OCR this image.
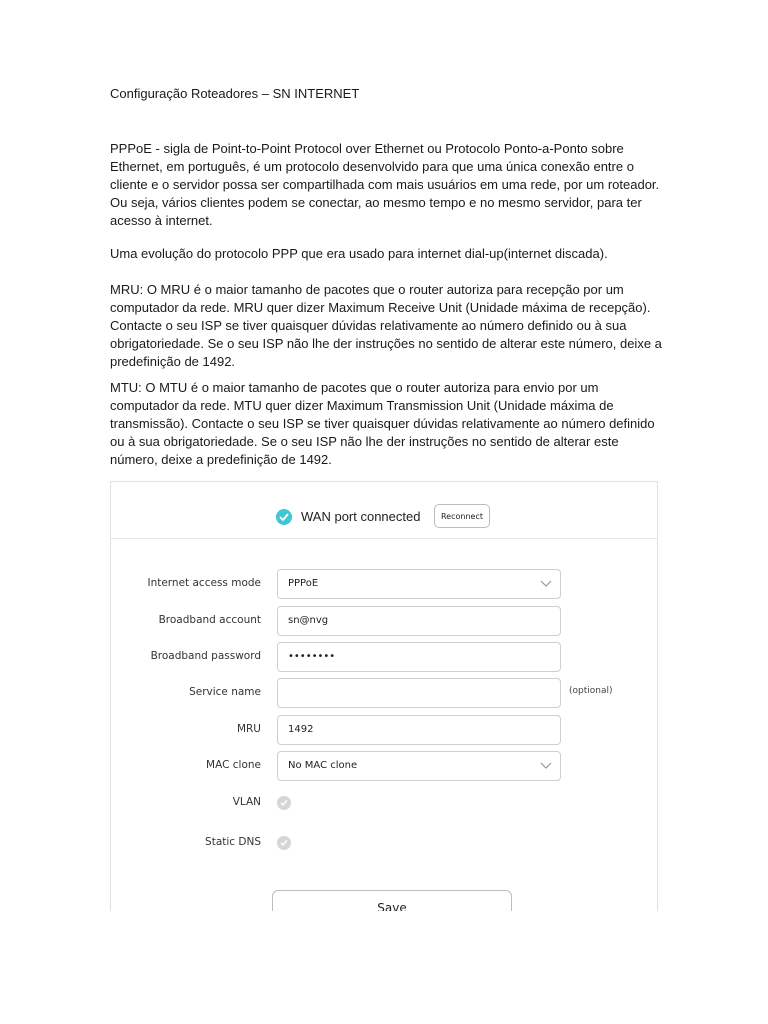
Configuração Roteadores – SN INTERNET

PPPoE - sigla de Point-to-Point Protocol over Ethernet ou Protocolo Ponto-a-Ponto sobre Ethernet, em português, é um protocolo desenvolvido para que uma única conexão entre o cliente e o servidor possa ser compartilhada com mais usuários em uma rede, por um roteador. Ou seja, vários clientes podem se conectar, ao mesmo tempo e no mesmo servidor, para ter acesso à internet.

Uma evolução do protocolo PPP que era usado para internet dial-up(internet discada).

MRU: O MRU é o maior tamanho de pacotes que o router autoriza para recepção por um computador da rede. MRU quer dizer Maximum Receive Unit (Unidade máxima de recepção). Contacte o seu ISP se tiver quaisquer dúvidas relativamente ao número definido ou à sua obrigatoriedade. Se o seu ISP não lhe der instruções no sentido de alterar este número, deixe a predefinição de 1492.

MTU: O MTU é o maior tamanho de pacotes que o router autoriza para envio por um computador da rede. MTU quer dizer Maximum Transmission Unit (Unidade máxima de transmissão). Contacte o seu ISP se tiver quaisquer dúvidas relativamente ao número definido ou à sua obrigatoriedade. Se o seu ISP não lhe der instruções no sentido de alterar este número, deixe a predefinição de 1492.

WAN port connected	Reconnect
Internet access mode	PPPoE
Broadband account	sn@nvg
Broadband password	••••••••
Service name	(optional)
MRU	1492
MAC clone	No MAC clone
VLAN
Static DNS
Save
